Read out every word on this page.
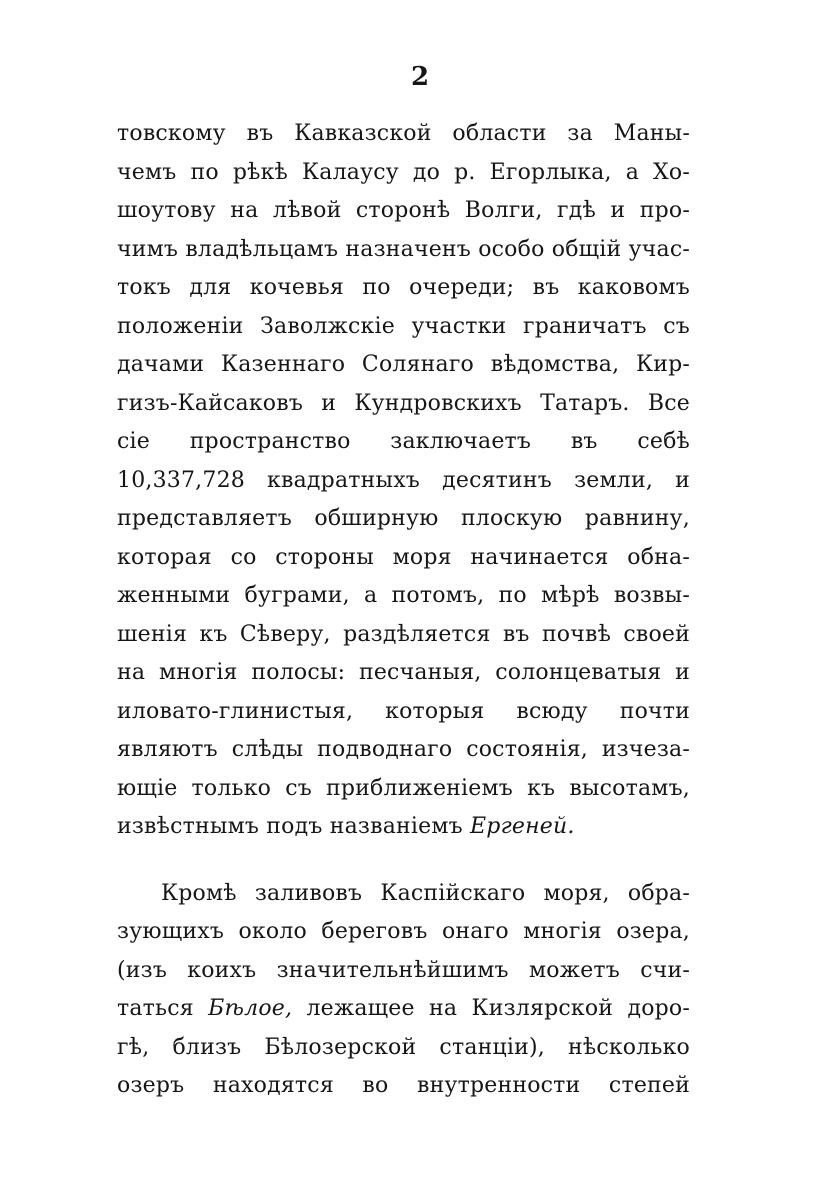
2
товскому въ Кавказской области за Маны-
чемъ по рѣкѣ Калаусу до р. Егорлыка, а Хо-
шоутову на лѣвой сторонѣ Волги, гдѣ и про-
чимъ владѣльцамъ назначенъ особо общій учас-
токъ для кочевья по очереди; въ каковомъ
положеніи Заволжскіе участки граничатъ съ
дачами Казеннаго Солянаго вѣдомства, Кир-
гизъ-Кайсаковъ и Кундровскихъ Татаръ. Все
сіе пространство заключаетъ въ себѣ
10,337,728 квадратныхъ десятинъ земли, и
представляетъ обширную плоскую равнину,
которая со стороны моря начинается обна-
женными буграми, а потомъ, по мѣрѣ возвы-
шенія къ Сѣверу, раздѣляется въ почвѣ своей
на многія полосы: песчаныя, солонцеватыя и
иловато-глинистыя, которыя всюду почти
являютъ слѣды подводнаго состоянія, изчеза-
ющіе только съ приближеніемъ къ высотамъ,
извѣстнымъ подъ названіемъ Ергеней.
Кромѣ заливовъ Каспійскаго моря, обра-
зующихъ около береговъ онаго многія озера,
(изъ коихъ значительнѣйшимъ можетъ счи-
таться Бѣлое, лежащее на Кизлярской доро-
гѣ, близъ Бѣлозерской станціи), нѣсколько
озеръ находятся во внутренности степей
